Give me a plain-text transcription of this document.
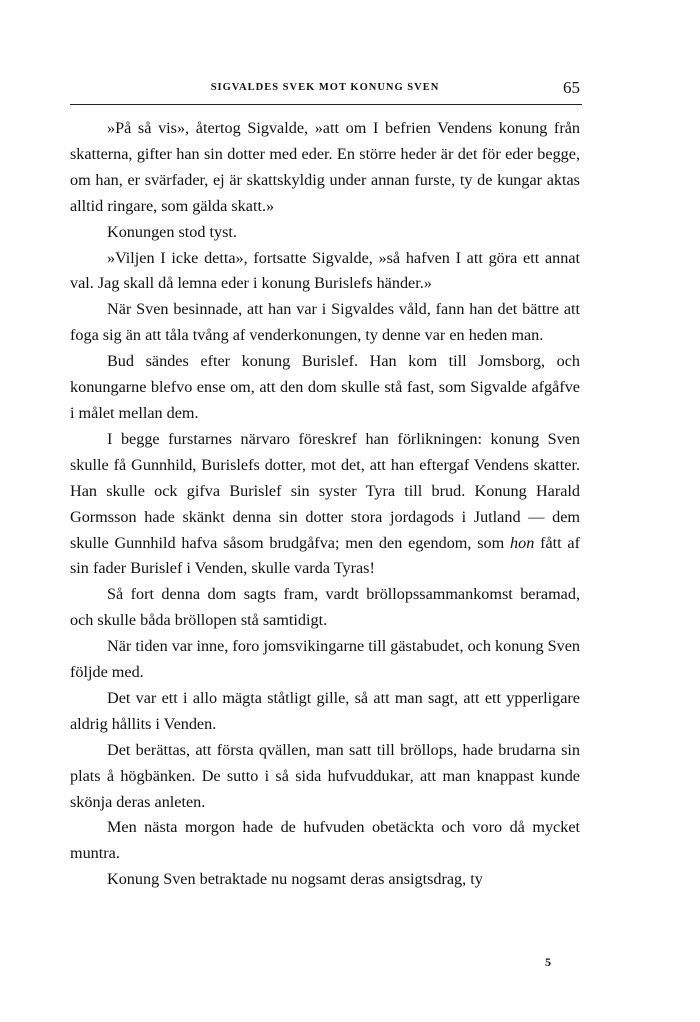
SIGVALDES SVEK MOT KONUNG SVEN	65

»På så vis», återtog Sigvalde, »att om I befrien Vendens konung från skatterna, gifter han sin dotter med eder. En större heder är det för eder begge, om han, er svärfader, ej är skattskyldig under annan furste, ty de kungar aktas alltid ringare, som gälda skatt.»

Konungen stod tyst.

»Viljen I icke detta», fortsatte Sigvalde, »så hafven I att göra ett annat val. Jag skall då lemna eder i konung Burislefs händer.»

När Sven besinnade, att han var i Sigvaldes våld, fann han det bättre att foga sig än att tåla tvång af venderkonungen, ty denne var en heden man.

Bud sändes efter konung Burislef. Han kom till Jomsborg, och konungarne blefvo ense om, att den dom skulle stå fast, som Sigvalde afgåfve i målet mellan dem.

I begge furstarnes närvaro föreskref han förlikningen: konung Sven skulle få Gunnhild, Burislefs dotter, mot det, att han eftergaf Vendens skatter. Han skulle ock gifva Burislef sin syster Tyra till brud. Konung Harald Gormsson hade skänkt denna sin dotter stora jordagods i Jutland — dem skulle Gunnhild hafva såsom brudgåfva; men den egendom, som hon fått af sin fader Burislef i Venden, skulle varda Tyras!

Så fort denna dom sagts fram, vardt bröllopssammankomst beramad, och skulle båda bröllopen stå samtidigt.

När tiden var inne, foro jomsvikingarne till gästabudet, och konung Sven följde med.

Det var ett i allo mägta ståtligt gille, så att man sagt, att ett ypperligare aldrig hållits i Venden.

Det berättas, att första qvällen, man satt till bröllops, hade brudarna sin plats å högbänken. De sutto i så sida hufvuddukar, att man knappast kunde skönja deras anleten.

Men nästa morgon hade de hufvuden obetäckta och voro då mycket muntra.

Konung Sven betraktade nu nogsamt deras ansigtsdrag, ty

5
